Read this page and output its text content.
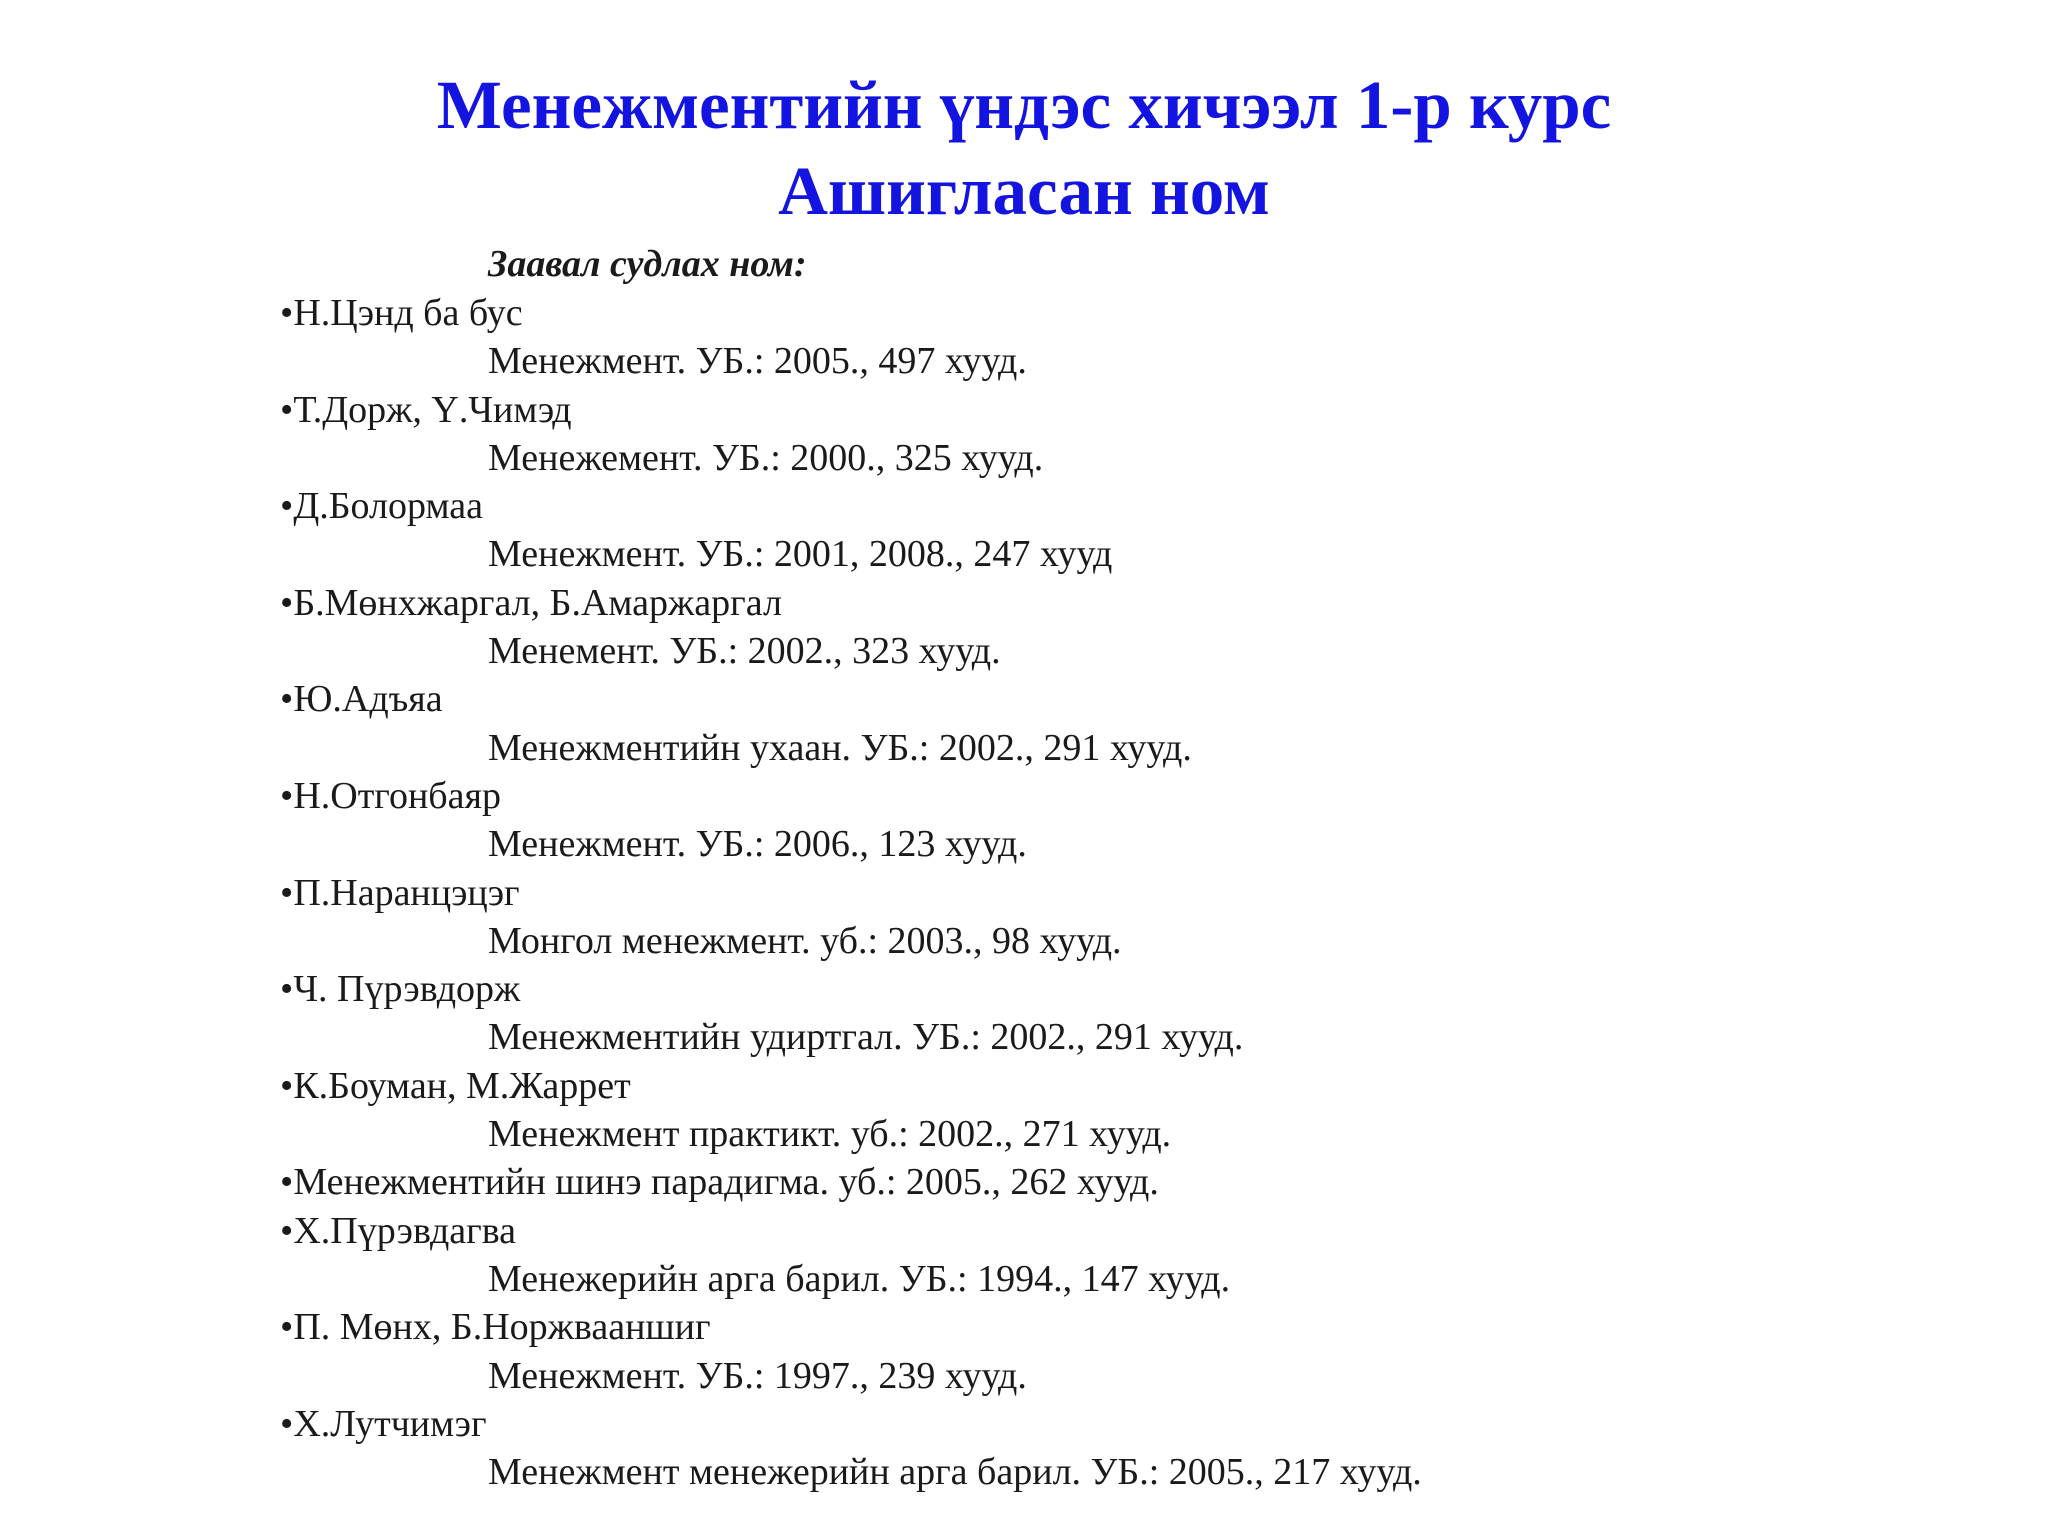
Менежментийн үндэс хичээл 1-р курс
Ашигласан ном
Заавал судлах ном:
•Н.Цэнд ба бус
Менежмент. УБ.: 2005., 497 хууд.
•Т.Дорж, Ү.Чимэд
Менежемент. УБ.: 2000., 325 хууд.
•Д.Болормаа
Менежмент. УБ.: 2001, 2008., 247 хууд
•Б.Мөнхжаргал, Б.Амаржаргал
Менемент. УБ.: 2002., 323 хууд.
•Ю.Адъяа
Менежментийн ухаан. УБ.: 2002., 291 хууд.
•Н.Отгонбаяр
Менежмент. УБ.: 2006., 123 хууд.
•П.Наранцэцэг
Монгол менежмент. уб.: 2003., 98 хууд.
•Ч. Пүрэвдорж
Менежментийн удиртгал. УБ.: 2002., 291 хууд.
•К.Боуман, М.Жаррет
Менежмент практикт. уб.: 2002., 271 хууд.
•Менежментийн шинэ парадигма. уб.: 2005., 262 хууд.
•Х.Пүрэвдагва
Менежерийн арга барил. УБ.: 1994., 147 хууд.
•П. Мөнх, Б.Норжвааншиг
Менежмент. УБ.: 1997., 239 хууд.
•Х.Лутчимэг
Менежмент менежерийн арга барил. УБ.: 2005., 217 хууд.
